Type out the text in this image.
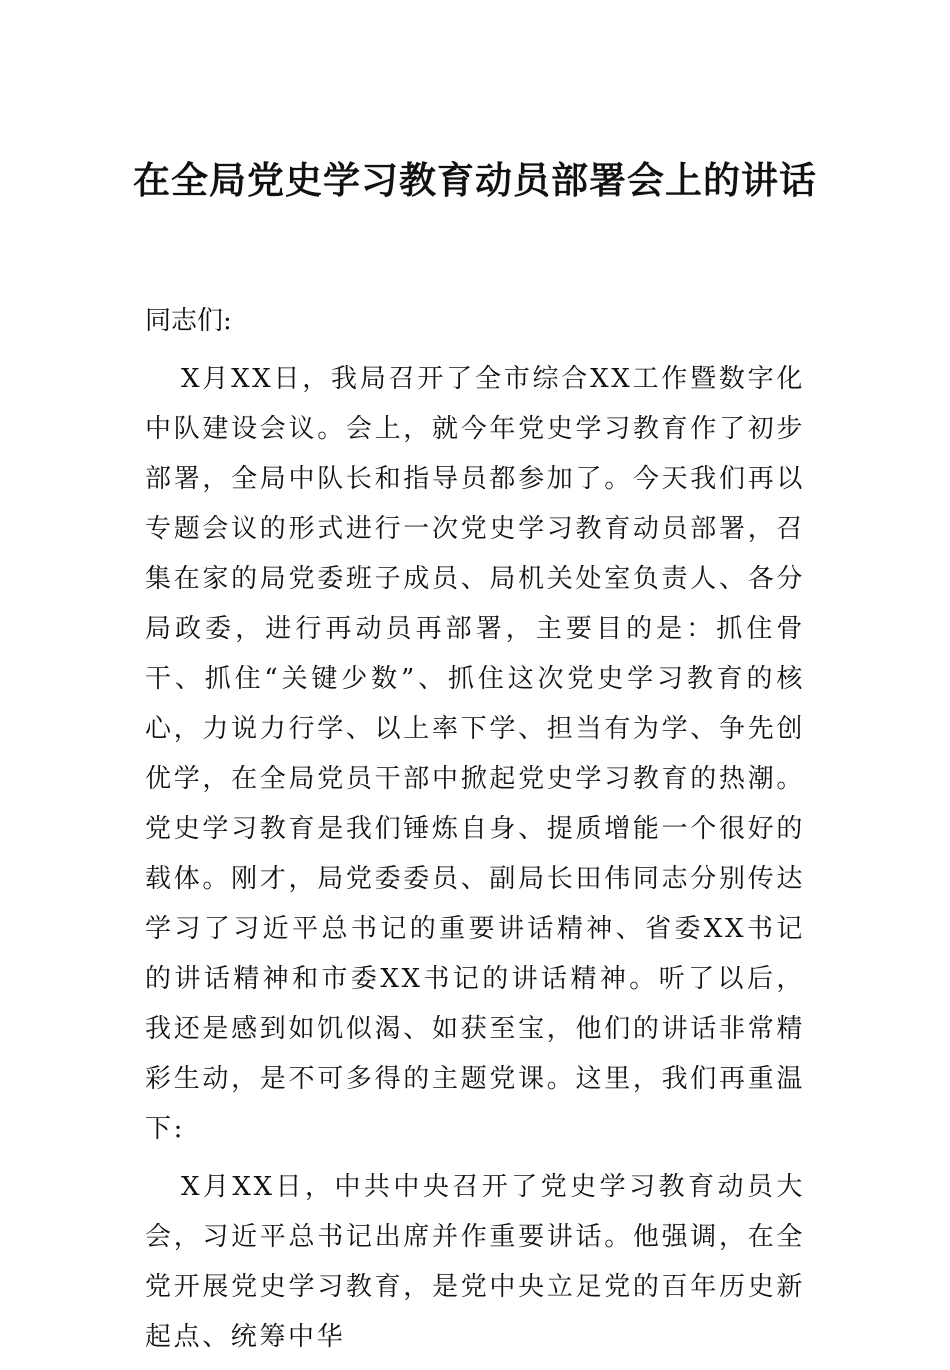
在全局党史学习教育动员部署会上的讲话

同志们:

X月XX日，我局召开了全市综合XX工作暨数字化中队建设会议。会上，就今年党史学习教育作了初步部署，全局中队长和指导员都参加了。今天我们再以专题会议的形式进行一次党史学习教育动员部署，召集在家的局党委班子成员、局机关处室负责人、各分局政委，进行再动员再部署，主要目的是：抓住骨干、抓住“关键少数”、抓住这次党史学习教育的核心，力说力行学、以上率下学、担当有为学、争先创优学，在全局党员干部中掀起党史学习教育的热潮。党史学习教育是我们锤炼自身、提质增能一个很好的载体。刚才，局党委委员、副局长田伟同志分别传达学习了习近平总书记的重要讲话精神、省委XX书记的讲话精神和市委XX书记的讲话精神。听了以后，我还是感到如饥似渴、如获至宝，他们的讲话非常精彩生动，是不可多得的主题党课。这里，我们再重温下:

X月XX日，中共中央召开了党史学习教育动员大会，习近平总书记出席并作重要讲话。他强调，在全党开展党史学习教育，是党中央立足党的百年历史新起点、统筹中华
